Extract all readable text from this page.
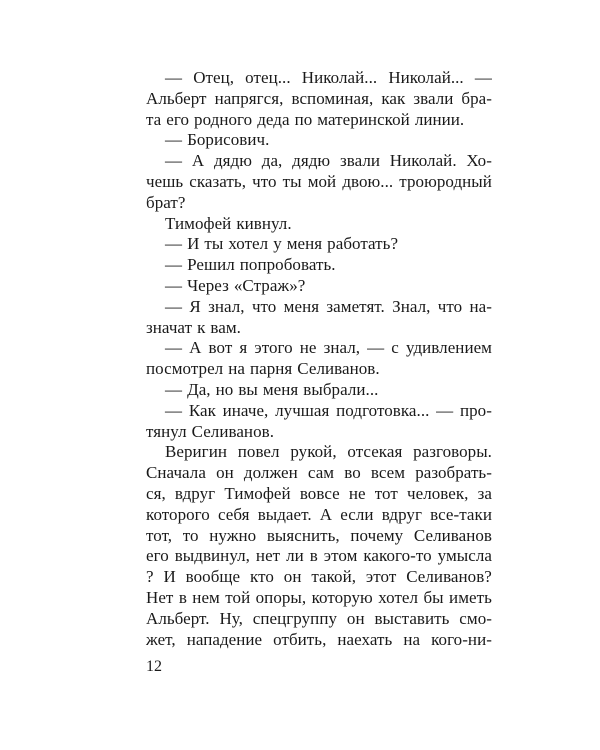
— Отец, отец... Николай... Николай... —
Альберт напрягся, вспоминая, как звали бра-
та его родного деда по материнской линии.
— Борисович.
— А дядю да, дядю звали Николай. Хо-
чешь сказать, что ты мой двою... троюродный
брат?
Тимофей кивнул.
— И ты хотел у меня работать?
— Решил попробовать.
— Через «Страж»?
— Я знал, что меня заметят. Знал, что на-
значат к вам.
— А вот я этого не знал, — с удивлением
посмотрел на парня Селиванов.
— Да, но вы меня выбрали...
— Как иначе, лучшая подготовка... — про-
тянул Селиванов.
Веригин повел рукой, отсекая разговоры.
Сначала он должен сам во всем разобрать-
ся, вдруг Тимофей вовсе не тот человек, за
которого себя выдает. А если вдруг все-таки
тот, то нужно выяснить, почему Селиванов
его выдвинул, нет ли в этом какого-то умысла
? И вообще кто он такой, этот Селиванов?
Нет в нем той опоры, которую хотел бы иметь
Альберт. Ну, спецгруппу он выставить смо-
жет, нападение отбить, наехать на кого-ни-
12
